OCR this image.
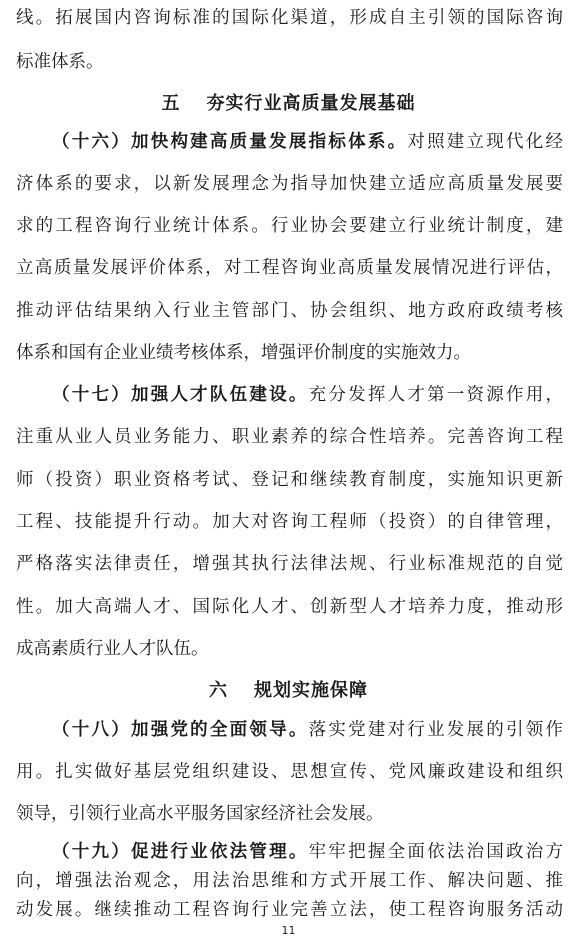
线。拓展国内咨询标准的国际化渠道，形成自主引领的国际咨询
标准体系。
五 夯实行业高质量发展基础
（十六）加快构建高质量发展指标体系。对照建立现代化经
济体系的要求，以新发展理念为指导加快建立适应高质量发展要
求的工程咨询行业统计体系。行业协会要建立行业统计制度，建
立高质量发展评价体系，对工程咨询业高质量发展情况进行评估，
推动评估结果纳入行业主管部门、协会组织、地方政府政绩考核
体系和国有企业业绩考核体系，增强评价制度的实施效力。
（十七）加强人才队伍建设。充分发挥人才第一资源作用，
注重从业人员业务能力、职业素养的综合性培养。完善咨询工程
师（投资）职业资格考试、登记和继续教育制度，实施知识更新
工程、技能提升行动。加大对咨询工程师（投资）的自律管理，
严格落实法律责任，增强其执行法律法规、行业标准规范的自觉
性。加大高端人才、国际化人才、创新型人才培养力度，推动形
成高素质行业人才队伍。
六 规划实施保障
（十八）加强党的全面领导。落实党建对行业发展的引领作
用。扎实做好基层党组织建设、思想宣传、党风廉政建设和组织
领导，引领行业高水平服务国家经济社会发展。
（十九）促进行业依法管理。牢牢把握全面依法治国政治方
向，增强法治观念，用法治思维和方式开展工作、解决问题、推
11
动发展。继续推动工程咨询行业完善立法，使工程咨询服务活动
